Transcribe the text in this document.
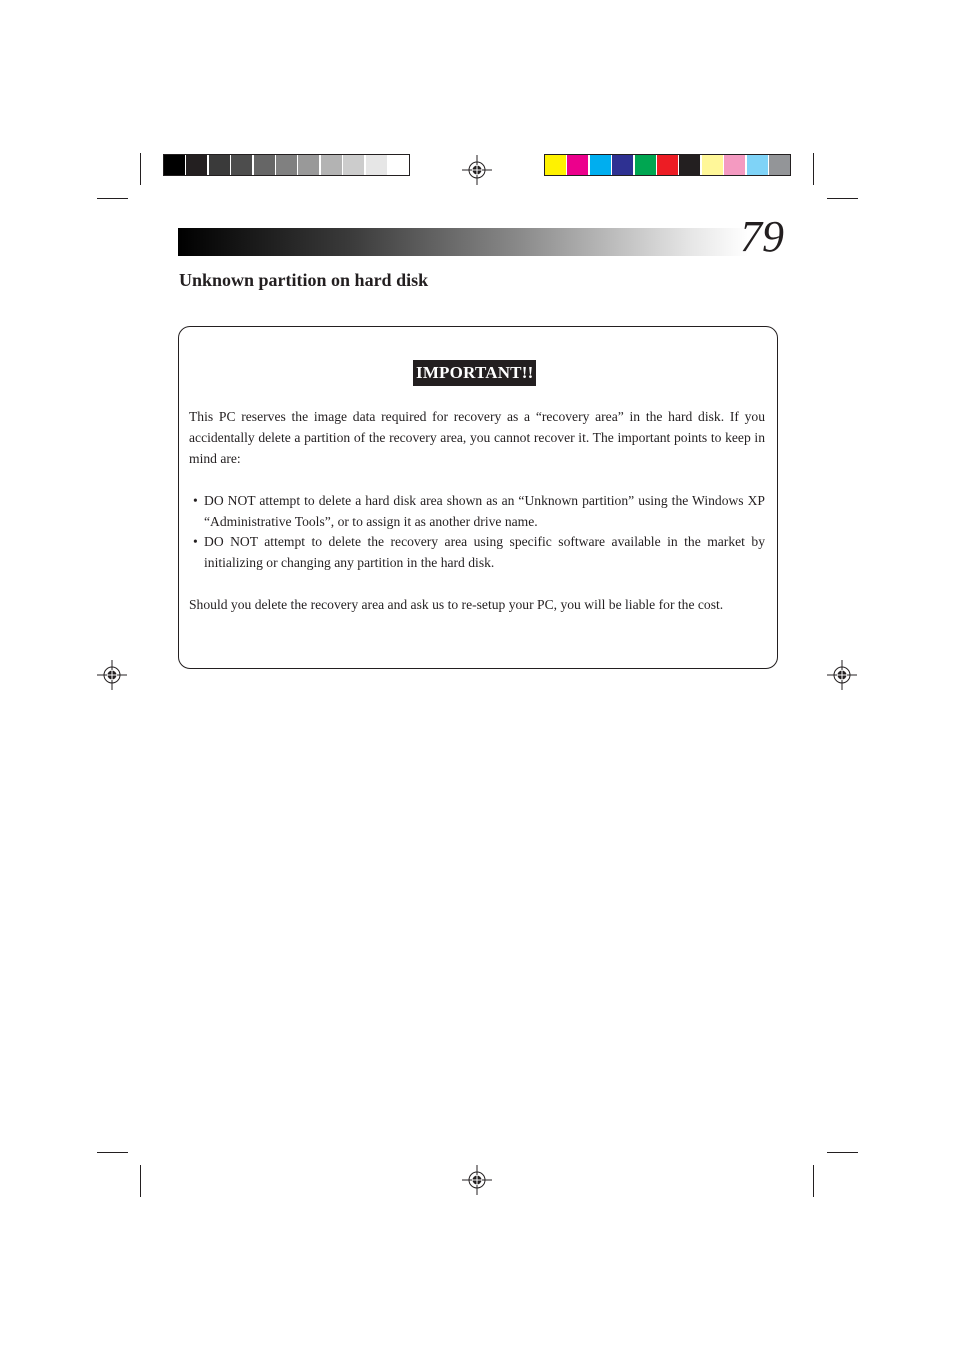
79
Unknown partition on hard disk
IMPORTANT!!

This PC reserves the image data required for recovery as a “recovery area” in the hard disk. If you accidentally delete a partition of the recovery area, you cannot recover it. The important points to keep in mind are:

• DO NOT attempt to delete a hard disk area shown as an “Unknown partition” using the Windows XP “Administrative Tools”, or to assign it as another drive name.
• DO NOT attempt to delete the recovery area using specific software available in the market by initializing or changing any partition in the hard disk.

Should you delete the recovery area and ask us to re-setup your PC, you will be liable for the cost.
